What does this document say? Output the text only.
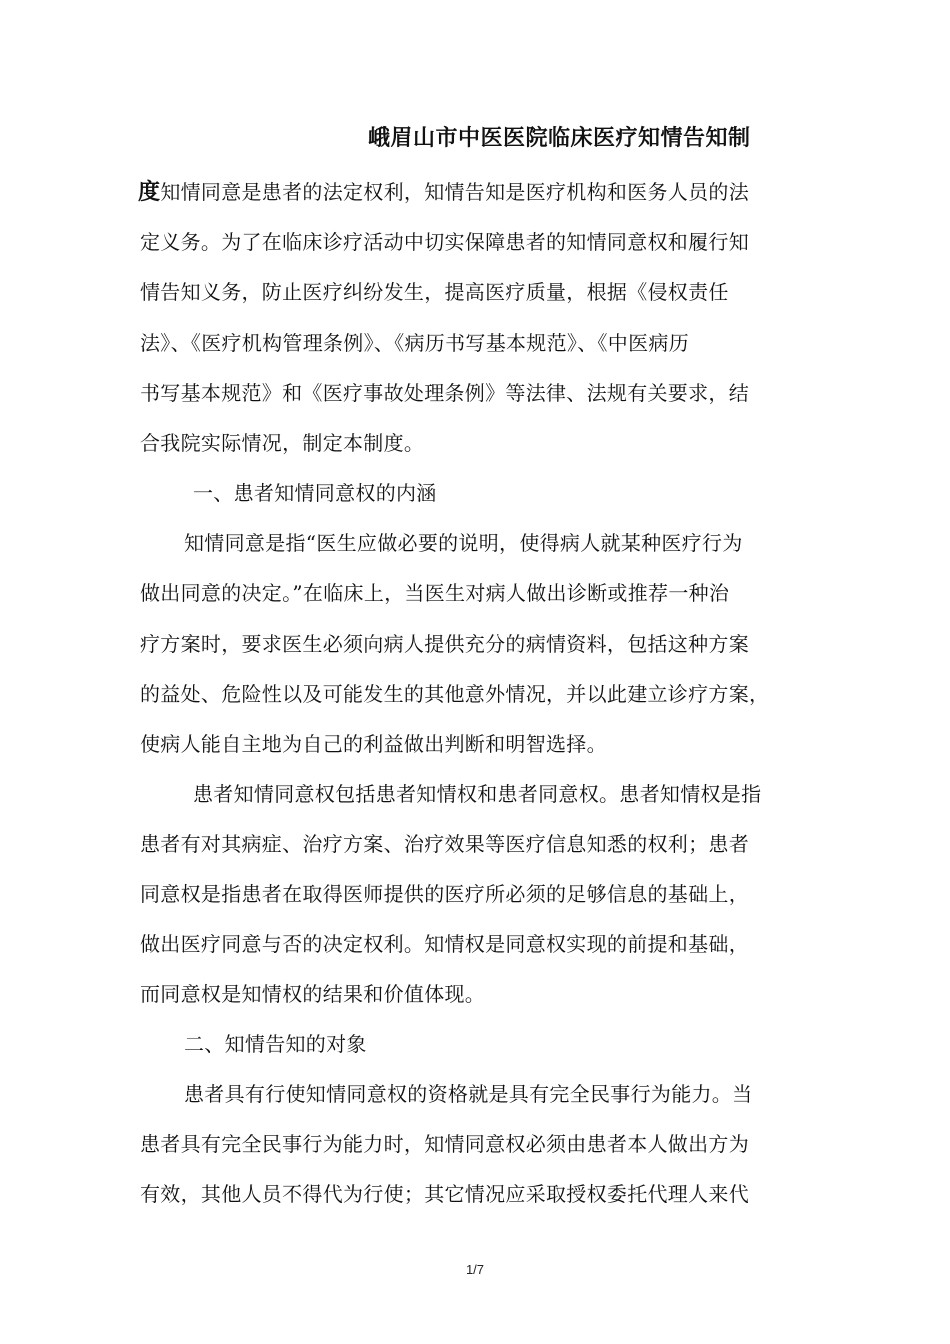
峨眉山市中医医院临床医疗知情告知制
度知情同意是患者的法定权利，知情告知是医疗机构和医务人员的法
定义务。为了在临床诊疗活动中切实保障患者的知情同意权和履行知
情告知义务，防止医疗纠纷发生，提高医疗质量，根据《侵权责任
法》、《医疗机构管理条例》、《病历书写基本规范》、《中医病历
书写基本规范》和《医疗事故处理条例》等法律、法规有关要求，结
合我院实际情况，制定本制度。
一、患者知情同意权的内涵
知情同意是指“医生应做必要的说明，使得病人就某种医疗行为
做出同意的决定。”在临床上，当医生对病人做出诊断或推荐一种治
疗方案时，要求医生必须向病人提供充分的病情资料，包括这种方案
的益处、危险性以及可能发生的其他意外情况，并以此建立诊疗方案，
使病人能自主地为自己的利益做出判断和明智选择。
患者知情同意权包括患者知情权和患者同意权。患者知情权是指
患者有对其病症、治疗方案、治疗效果等医疗信息知悉的权利；患者
同意权是指患者在取得医师提供的医疗所必须的足够信息的基础上，
做出医疗同意与否的决定权利。知情权是同意权实现的前提和基础，
而同意权是知情权的结果和价值体现。
二、知情告知的对象
患者具有行使知情同意权的资格就是具有完全民事行为能力。当
患者具有完全民事行为能力时，知情同意权必须由患者本人做出方为
有效，其他人员不得代为行使；其它情况应采取授权委托代理人来代
1/7
